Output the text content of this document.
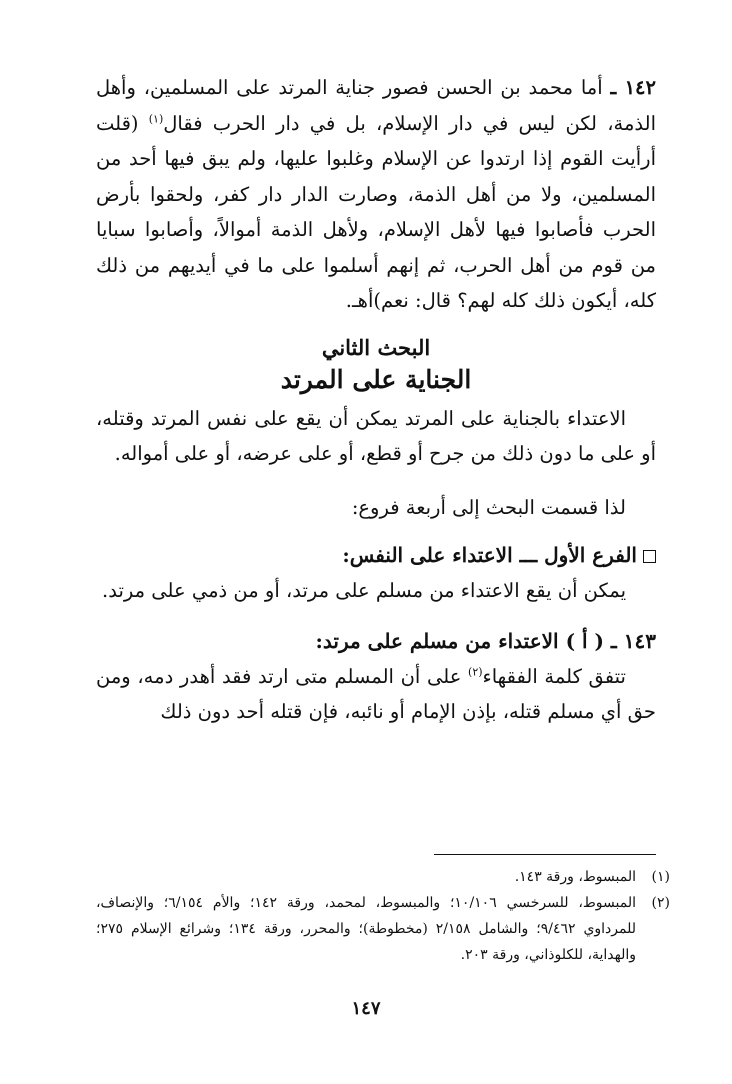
١٤٢ ـ أما محمد بن الحسن فصور جناية المرتد على المسلمين، وأهل الذمة، لكن ليس في دار الإسلام، بل في دار الحرب فقال$^{(١)}$ (قلت أرأيت القوم إذا ارتدوا عن الإسلام وغلبوا عليها، ولم يبق فيها أحد من المسلمين، ولا من أهل الذمة، وصارت الدار دار كفر، ولحقوا بأرض الحرب فأصابوا فيها لأهل الإسلام، ولأهل الذمة أموالاً، وأصابوا سبايا من قوم من أهل الحرب، ثم إنهم أسلموا على ما في أيديهم من ذلك كله، أيكون ذلك كله لهم؟ قال: نعم)أهـ.

البحث الثاني
الجناية على المرتد

الاعتداء بالجناية على المرتد يمكن أن يقع على نفس المرتد وقتله، أو على ما دون ذلك من جرح أو قطع، أو على عرضه، أو على أمواله.

لذا قسمت البحث إلى أربعة فروع:

الفرع الأول ـــ الاعتداء على النفس:

يمكن أن يقع الاعتداء من مسلم على مرتد، أو من ذمي على مرتد.

١٤٣ ـ ( أ ) الاعتداء من مسلم على مرتد:

تتفق كلمة الفقهاء$^{(٢)}$ على أن المسلم متى ارتد فقد أهدر دمه، ومن حق أي مسلم قتله، بإذن الإمام أو نائبه، فإن قتله أحد دون ذلك

(١)
المبسوط، ورقة ١٤٣.
(٢)
المبسوط، للسرخسي ١٠/١٠٦؛ والمبسوط، لمحمد، ورقة ١٤٢؛ والأم ٦/١٥٤؛ والإنصاف، للمرداوي ٩/٤٦٢؛ والشامل ٢/١٥٨ (مخطوطة)؛ والمحرر، ورقة ١٣٤؛ وشرائع الإسلام ٢٧٥؛ والهداية، للكلوذاني، ورقة ٢٠٣.
١٤٧
